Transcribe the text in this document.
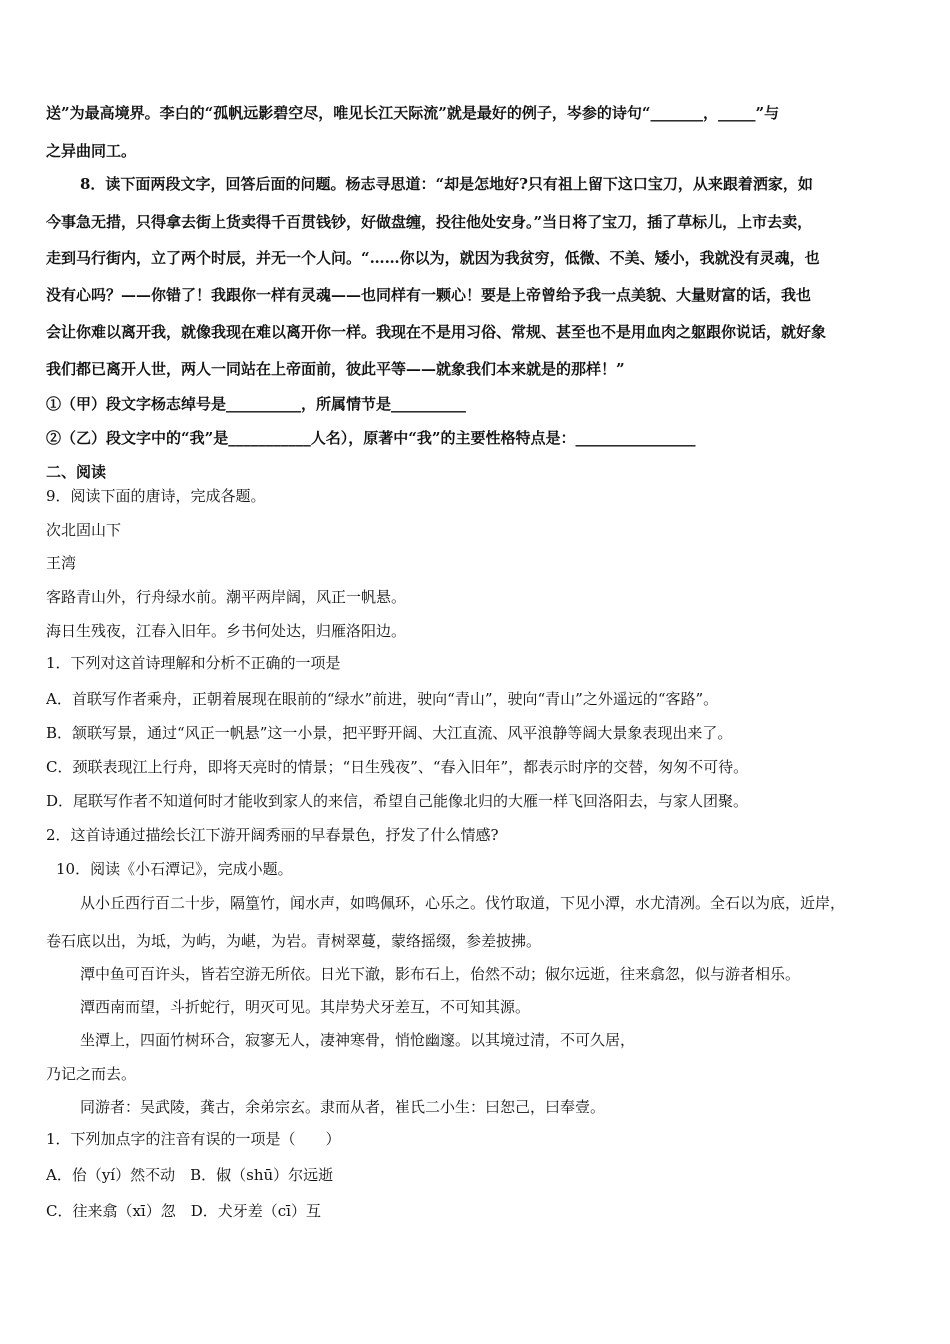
送”为最高境界。李白的“孤帆远影碧空尽，唯见长江天际流”就是最好的例子，岑参的诗句“_______，_____”与
之异曲同工。
8．读下面两段文字，回答后面的问题。杨志寻思道：“却是怎地好?只有祖上留下这口宝刀，从来跟着洒家，如
今事急无措，只得拿去街上货卖得千百贯钱钞，好做盘缠，投往他处安身。”当日将了宝刀，插了草标儿，上市去卖，
走到马行街内，立了两个时辰，并无一个人问。“……你以为，就因为我贫穷，低微、不美、矮小，我就没有灵魂，也
没有心吗？——你错了！我跟你一样有灵魂——也同样有一颗心！要是上帝曾给予我一点美貌、大量财富的话，我也
会让你难以离开我，就像我现在难以离开你一样。我现在不是用习俗、常规、甚至也不是用血肉之躯跟你说话，就好象
我们都已离开人世，两人一同站在上帝面前，彼此平等——就象我们本来就是的那样！”
①（甲）段文字杨志绰号是__________，所属情节是__________
②（乙）段文字中的“我”是___________人名），原著中“我”的主要性格特点是：________________
二、阅读
9．阅读下面的唐诗，完成各题。
次北固山下
王湾
客路青山外，行舟绿水前。潮平两岸阔，风正一帆悬。
海日生残夜，江春入旧年。乡书何处达，归雁洛阳边。
1．下列对这首诗理解和分析不正确的一项是
A．首联写作者乘舟，正朝着展现在眼前的“绿水”前进，驶向“青山”，驶向“青山”之外遥远的“客路”。
B．颔联写景，通过“风正一帆悬”这一小景，把平野开阔、大江直流、风平浪静等阔大景象表现出来了。
C．颈联表现江上行舟，即将天亮时的情景；“日生残夜”、“春入旧年”，都表示时序的交替，匆匆不可待。
D．尾联写作者不知道何时才能收到家人的来信，希望自己能像北归的大雁一样飞回洛阳去，与家人团聚。
2．这首诗通过描绘长江下游开阔秀丽的早春景色，抒发了什么情感?
10．阅读《小石潭记》，完成小题。
从小丘西行百二十步，隔篁竹，闻水声，如鸣佩环，心乐之。伐竹取道，下见小潭，水尤清冽。全石以为底，近岸，
卷石底以出，为坻，为屿，为嵁，为岩。青树翠蔓，蒙络摇缀，参差披拂。
潭中鱼可百许头，皆若空游无所依。日光下澈，影布石上，佁然不动；俶尔远逝，往来翕忽，似与游者相乐。
潭西南而望，斗折蛇行，明灭可见。其岸势犬牙差互，不可知其源。
坐潭上，四面竹树环合，寂寥无人，凄神寒骨，悄怆幽邃。以其境过清，不可久居，
乃记之而去。
同游者：吴武陵，龚古，余弟宗玄。隶而从者，崔氏二小生：曰恕己，曰奉壹。
1．下列加点字的注音有误的一项是（　　）
A．佁（yí）然不动　B．俶（shū）尔远逝
C．往来翕（xī）忽　D．犬牙差（cī）互
